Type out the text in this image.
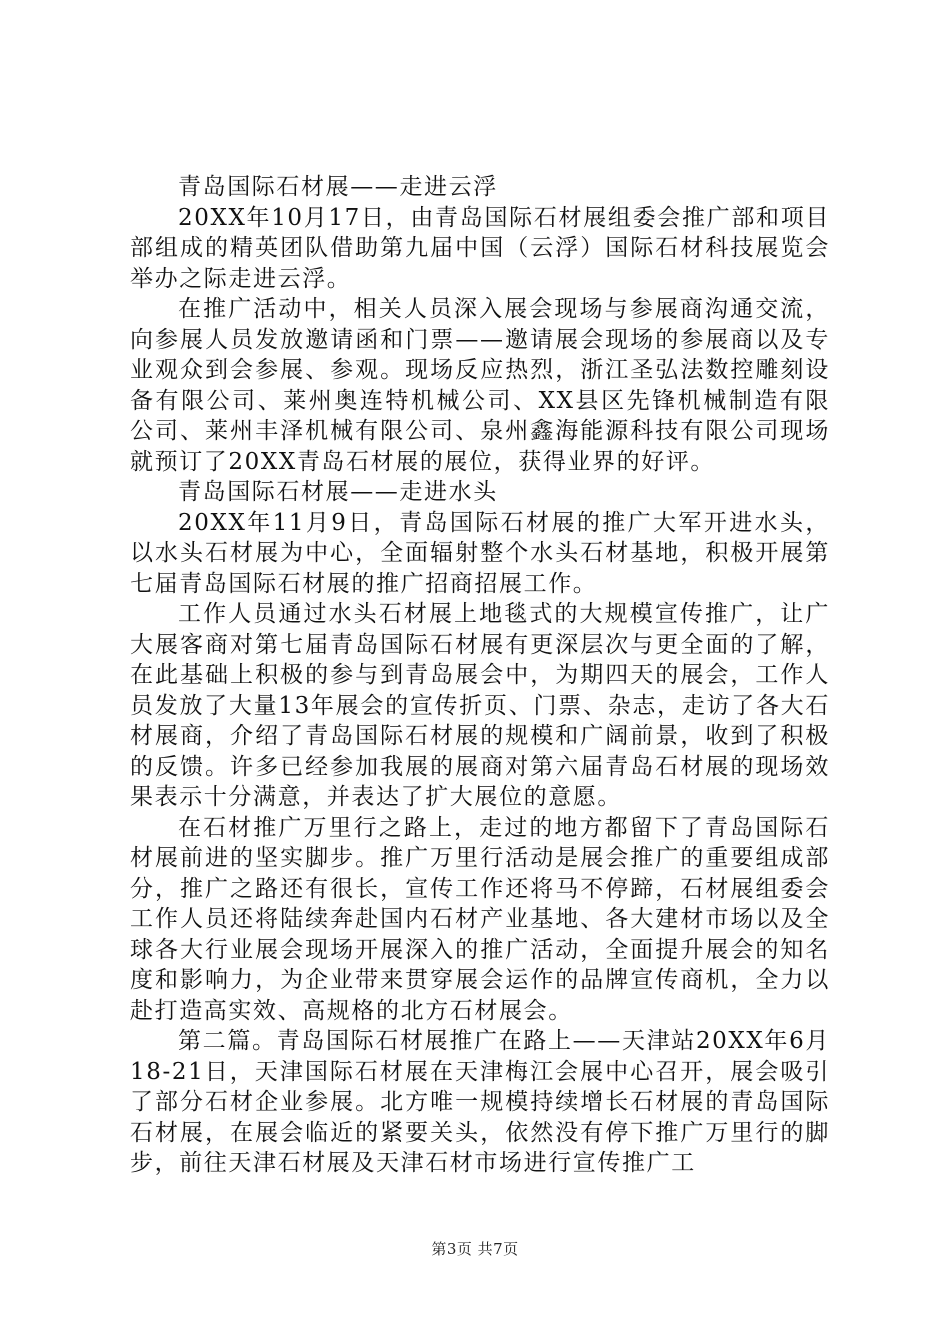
青岛国际石材展——走进云浮

20XX年10月17日，由青岛国际石材展组委会推广部和项目部组成的精英团队借助第九届中国（云浮）国际石材科技展览会举办之际走进云浮。

在推广活动中，相关人员深入展会现场与参展商沟通交流，向参展人员发放邀请函和门票——邀请展会现场的参展商以及专业观众到会参展、参观。现场反应热烈，浙江圣弘法数控雕刻设备有限公司、莱州奥连特机械公司、XX县区先锋机械制造有限公司、莱州丰泽机械有限公司、泉州鑫海能源科技有限公司现场就预订了20XX青岛石材展的展位，获得业界的好评。

青岛国际石材展——走进水头

20XX年11月9日，青岛国际石材展的推广大军开进水头，以水头石材展为中心，全面辐射整个水头石材基地，积极开展第七届青岛国际石材展的推广招商招展工作。

工作人员通过水头石材展上地毯式的大规模宣传推广，让广大展客商对第七届青岛国际石材展有更深层次与更全面的了解，在此基础上积极的参与到青岛展会中，为期四天的展会，工作人员发放了大量13年展会的宣传折页、门票、杂志，走访了各大石材展商，介绍了青岛国际石材展的规模和广阔前景，收到了积极的反馈。许多已经参加我展的展商对第六届青岛石材展的现场效果表示十分满意，并表达了扩大展位的意愿。

在石材推广万里行之路上，走过的地方都留下了青岛国际石材展前进的坚实脚步。推广万里行活动是展会推广的重要组成部分，推广之路还有很长，宣传工作还将马不停蹄，石材展组委会工作人员还将陆续奔赴国内石材产业基地、各大建材市场以及全球各大行业展会现场开展深入的推广活动，全面提升展会的知名度和影响力，为企业带来贯穿展会运作的品牌宣传商机，全力以赴打造高实效、高规格的北方石材展会。

第二篇。青岛国际石材展推广在路上——天津站20XX年6月18-21日，天津国际石材展在天津梅江会展中心召开，展会吸引了部分石材企业参展。北方唯一规模持续增长石材展的青岛国际石材展，在展会临近的紧要关头，依然没有停下推广万里行的脚步，前往天津石材展及天津石材市场进行宣传推广工

第3页 共7页
